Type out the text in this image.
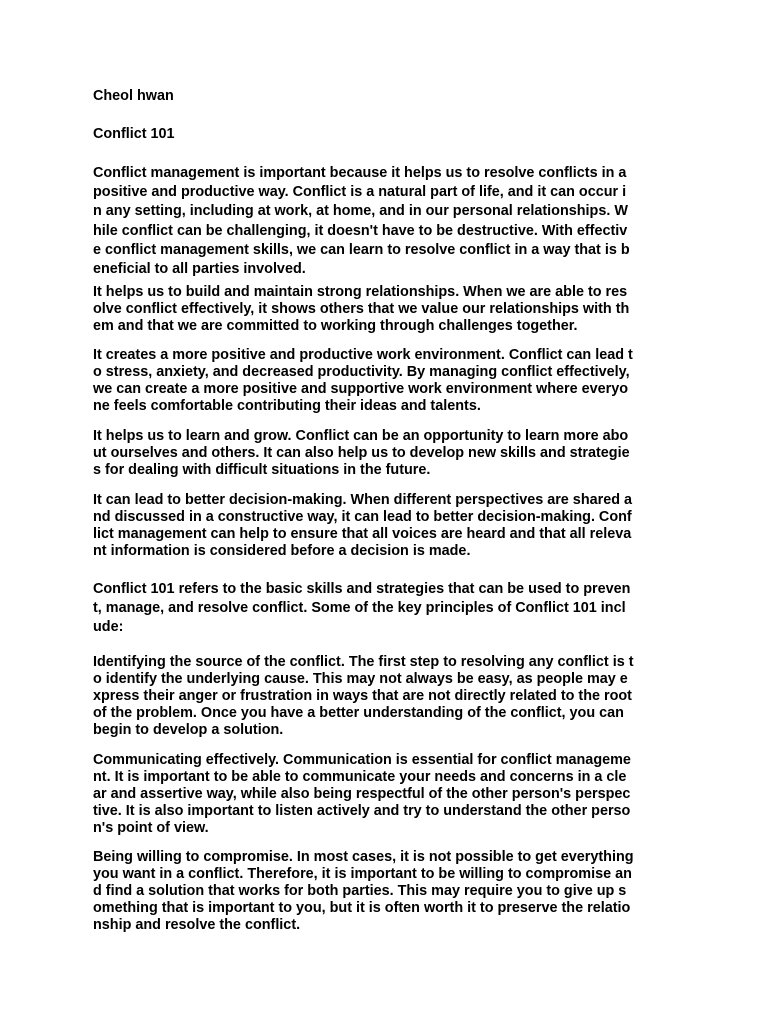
Cheol hwan

Conflict 101

Conflict management is important because it helps us to resolve conflicts in a
positive and productive way. Conflict is a natural part of life, and it can occur i
n any setting, including at work, at home, and in our personal relationships. W
hile conflict can be challenging, it doesn't have to be destructive. With effectiv
e conflict management skills, we can learn to resolve conflict in a way that is b
eneficial to all parties involved.

It helps us to build and maintain strong relationships. When we are able to res
olve conflict effectively, it shows others that we value our relationships with th
em and that we are committed to working through challenges together.

It creates a more positive and productive work environment. Conflict can lead t
o stress, anxiety, and decreased productivity. By managing conflict effectively,
we can create a more positive and supportive work environment where everyo
ne feels comfortable contributing their ideas and talents.

It helps us to learn and grow. Conflict can be an opportunity to learn more abo
ut ourselves and others. It can also help us to develop new skills and strategie
s for dealing with difficult situations in the future.

It can lead to better decision-making. When different perspectives are shared a
nd discussed in a constructive way, it can lead to better decision-making. Conf
lict management can help to ensure that all voices are heard and that all releva
nt information is considered before a decision is made.

Conflict 101 refers to the basic skills and strategies that can be used to preven
t, manage, and resolve conflict. Some of the key principles of Conflict 101 incl
ude:

Identifying the source of the conflict. The first step to resolving any conflict is t
o identify the underlying cause. This may not always be easy, as people may e
xpress their anger or frustration in ways that are not directly related to the root
of the problem. Once you have a better understanding of the conflict, you can
begin to develop a solution.

Communicating effectively. Communication is essential for conflict manageme
nt. It is important to be able to communicate your needs and concerns in a cle
ar and assertive way, while also being respectful of the other person's perspec
tive. It is also important to listen actively and try to understand the other perso
n's point of view.

Being willing to compromise. In most cases, it is not possible to get everything
you want in a conflict. Therefore, it is important to be willing to compromise an
d find a solution that works for both parties. This may require you to give up s
omething that is important to you, but it is often worth it to preserve the relatio
nship and resolve the conflict.
